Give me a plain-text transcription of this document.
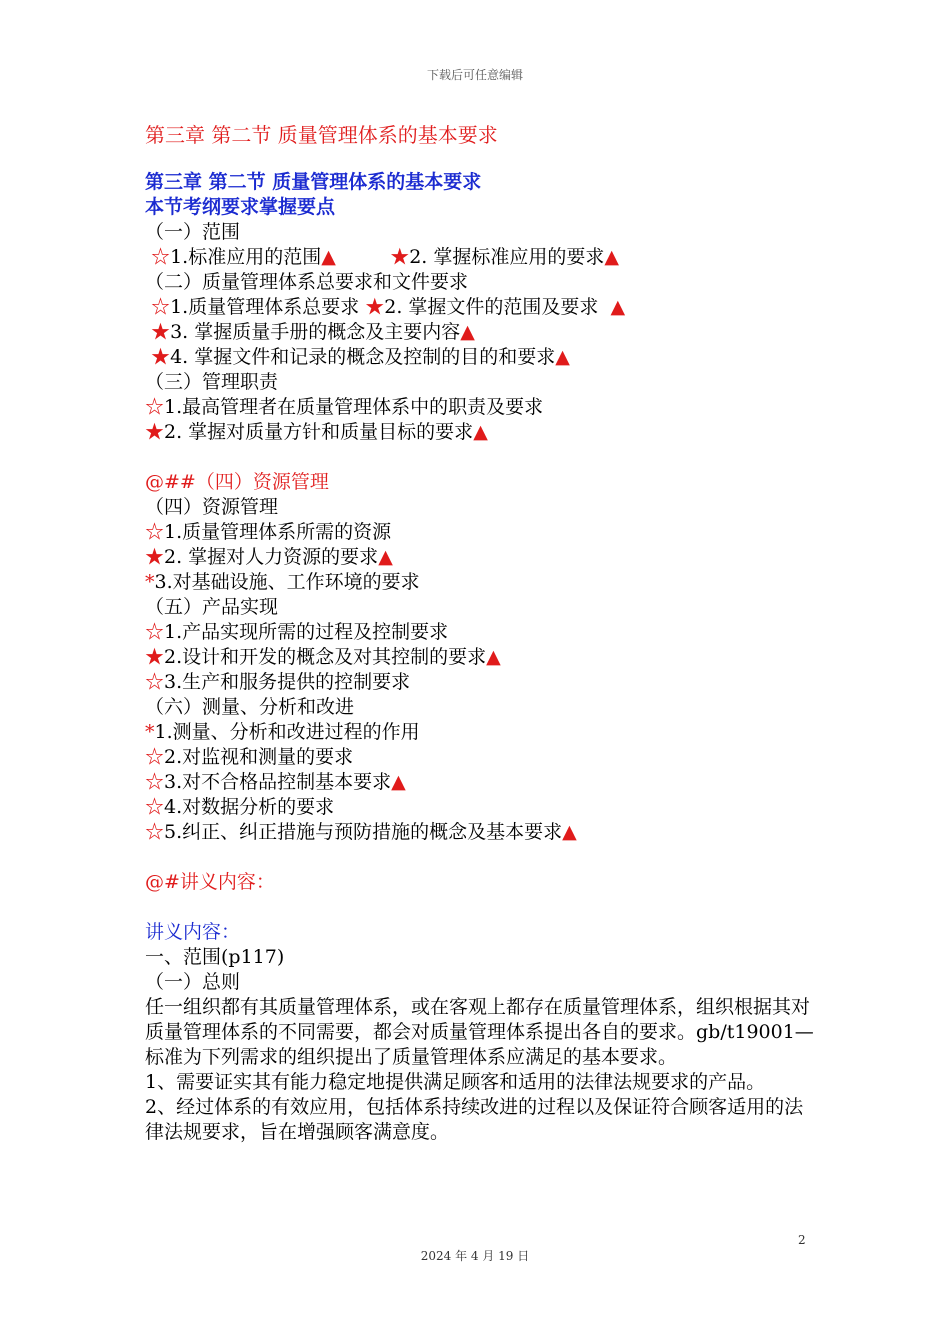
下载后可任意编辑
第三章 第二节 质量管理体系的基本要求
第三章 第二节 质量管理体系的基本要求
本节考纲要求掌握要点
（一）范围
☆1.标准应用的范围▲	★2. 掌握标准应用的要求▲
（二）质量管理体系总要求和文件要求
☆1.质量管理体系总要求 ★2. 掌握文件的范围及要求  ▲
★3. 掌握质量手册的概念及主要内容▲
★4. 掌握文件和记录的概念及控制的目的和要求▲
（三）管理职责
☆1.最高管理者在质量管理体系中的职责及要求
★2. 掌握对质量方针和质量目标的要求▲
@##（四）资源管理
（四）资源管理
☆1.质量管理体系所需的资源
★2. 掌握对人力资源的要求▲
*3.对基础设施、工作环境的要求
（五）产品实现
☆1.产品实现所需的过程及控制要求
★2.设计和开发的概念及对其控制的要求▲
☆3.生产和服务提供的控制要求
（六）测量、分析和改进
*1.测量、分析和改进过程的作用
☆2.对监视和测量的要求
☆3.对不合格品控制基本要求▲
☆4.对数据分析的要求
☆5.纠正、纠正措施与预防措施的概念及基本要求▲
@#讲义内容：
讲义内容：
一、范围(p117)
（一）总则
任一组织都有其质量管理体系，或在客观上都存在质量管理体系，组织根据其对质量管理体系的不同需要，都会对质量管理体系提出各自的要求。gb/t19001— 标准为下列需求的组织提出了质量管理体系应满足的基本要求。
1、需要证实其有能力稳定地提供满足顾客和适用的法律法规要求的产品。
2、经过体系的有效应用，包括体系持续改进的过程以及保证符合顾客适用的法律法规要求，旨在增强顾客满意度。
2
2024 年 4 月 19 日
